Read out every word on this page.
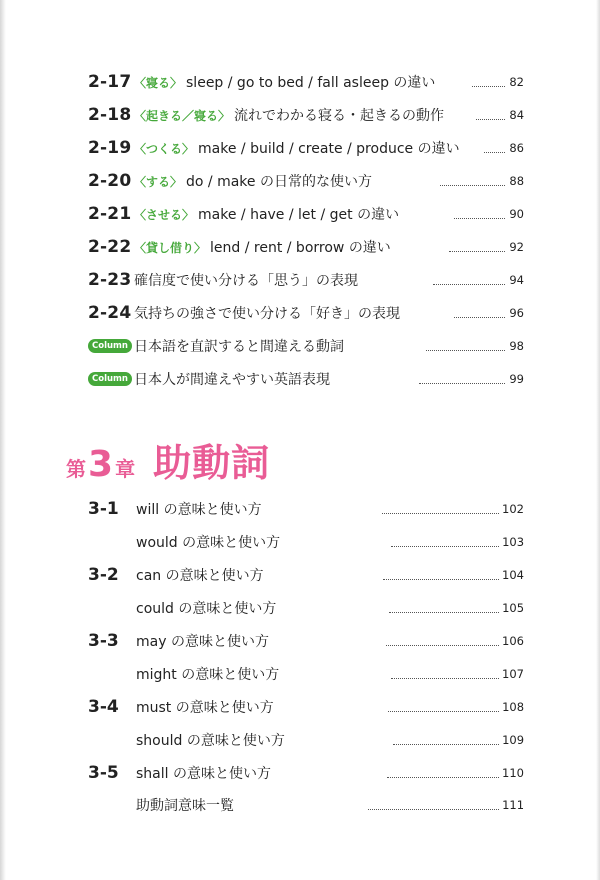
2-17 〈寝る〉 sleep / go to bed / fall asleep の違い	82
2-18 〈起きる／寝る〉 流れでわかる寝る・起きるの動作	84
2-19 〈つくる〉 make / build / create / produce の違い	86
2-20 〈する〉 do / make の日常的な使い方	88
2-21 〈させる〉 make / have / let / get の違い	90
2-22 〈貸し借り〉 lend / rent / borrow の違い	92
2-23 確信度で使い分ける「思う」の表現	94
2-24 気持ちの強さで使い分ける「好き」の表現	96
Column 日本語を直訳すると間違える動詞	98
Column 日本人が間違えやすい英語表現	99
第 3 章 助動詞
3-1	will の意味と使い方	102
would の意味と使い方	103
3-2	can の意味と使い方	104
could の意味と使い方	105
3-3	may の意味と使い方	106
might の意味と使い方	107
3-4	must の意味と使い方	108
should の意味と使い方	109
3-5	shall の意味と使い方	110
助動詞意味一覧	111
